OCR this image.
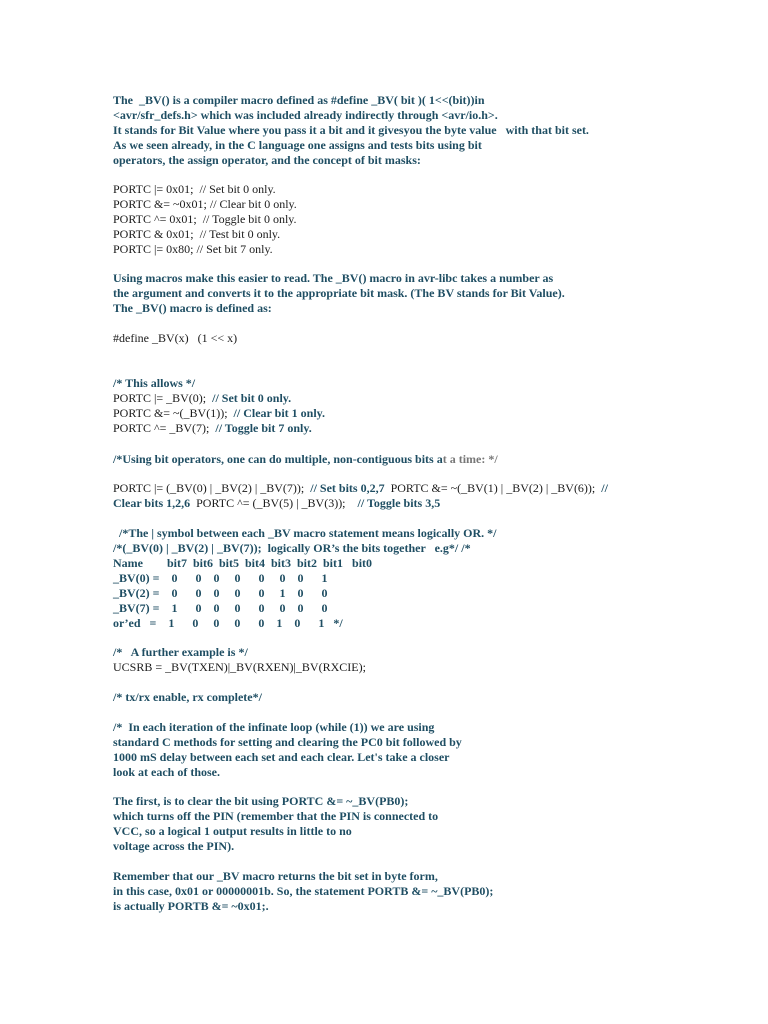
The  _BV() is a compiler macro defined as #define _BV( bit )( 1<<(bit))in
<avr/sfr_defs.h> which was included already indirectly through <avr/io.h>.
It stands for Bit Value where you pass it a bit and it givesyou the byte value   with that bit set.
As we seen already, in the C language one assigns and tests bits using bit
operators, the assign operator, and the concept of bit masks:
PORTC |= 0x01;  // Set bit 0 only.
PORTC &= ~0x01; // Clear bit 0 only.
PORTC ^= 0x01;  // Toggle bit 0 only.
PORTC & 0x01;  // Test bit 0 only.
PORTC |= 0x80; // Set bit 7 only.
Using macros make this easier to read. The _BV() macro in avr-libc takes a number as
the argument and converts it to the appropriate bit mask. (The BV stands for Bit Value).
The _BV() macro is defined as:
#define _BV(x)   (1 << x)
/* This allows */
PORTC |= _BV(0);  // Set bit 0 only.
PORTC &= ~(_BV(1));  // Clear bit 1 only.
PORTC ^= _BV(7);  // Toggle bit 7 only.
/*Using bit operators, one can do multiple, non-contiguous bits at a time: */
PORTC |= (_BV(0) | _BV(2) | _BV(7));  // Set bits 0,2,7  PORTC &= ~(_BV(1) | _BV(2) | _BV(6));  //
Clear bits 1,2,6  PORTC ^= (_BV(5) | _BV(3));    // Toggle bits 3,5
/*The | symbol between each _BV macro statement means logically OR. */
/*(_BV(0) | _BV(2) | _BV(7));  logically OR’s the bits together   e.g*/ /*
Name        bit7  bit6  bit5  bit4  bit3  bit2  bit1   bit0
_BV(0) =    0      0    0     0      0     0    0      1
_BV(2) =    0      0    0     0      0     1    0      0
_BV(7) =    1      0    0     0      0     0    0      0
or’ed   =    1      0     0     0      0    1    0      1   */
/*   A further example is */
UCSRB = _BV(TXEN)|_BV(RXEN)|_BV(RXCIE);
/* tx/rx enable, rx complete*/
/*  In each iteration of the infinate loop (while (1)) we are using
standard C methods for setting and clearing the PC0 bit followed by
1000 mS delay between each set and each clear. Let's take a closer
look at each of those.
The first, is to clear the bit using PORTC &= ~_BV(PB0);
which turns off the PIN (remember that the PIN is connected to
VCC, so a logical 1 output results in little to no
voltage across the PIN).
Remember that our _BV macro returns the bit set in byte form,
in this case, 0x01 or 00000001b. So, the statement PORTB &= ~_BV(PB0);
is actually PORTB &= ~0x01;.
